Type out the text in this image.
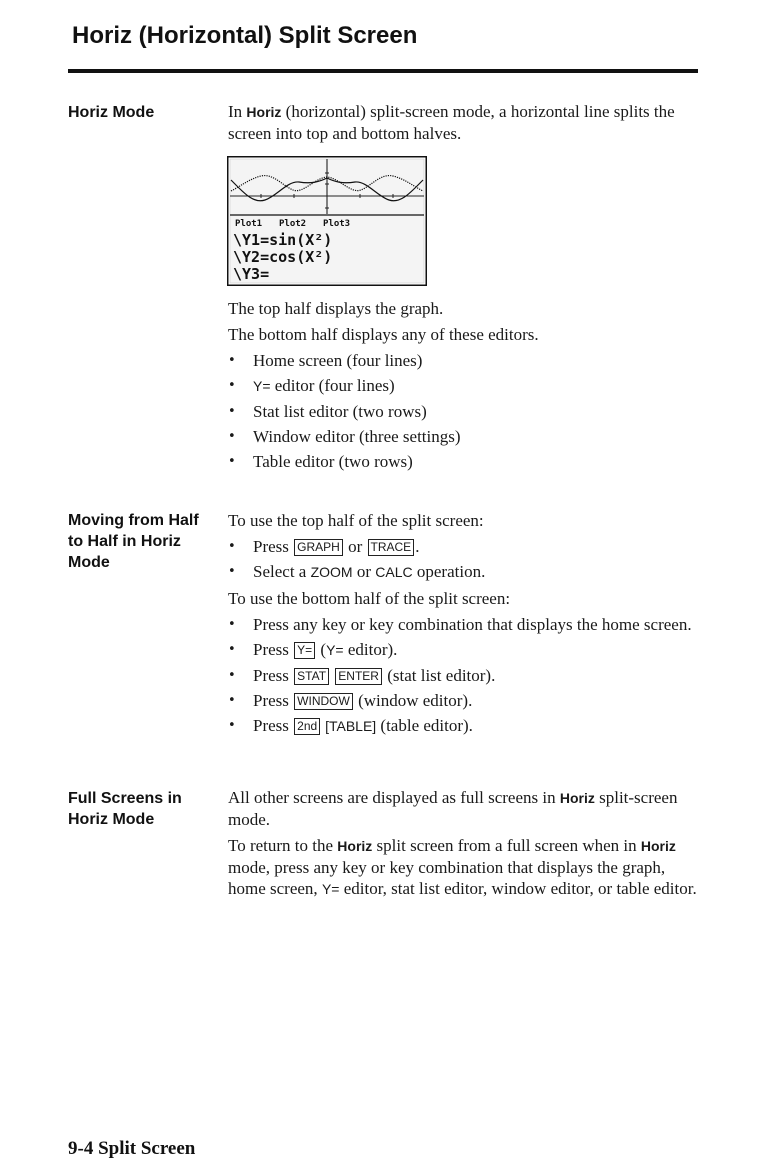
Horiz (Horizontal) Split Screen
Horiz Mode	In Horiz (horizontal) split-screen mode, a horizontal line splits the screen into top and bottom halves.

Plot1 Plot2 Plot3
\Y1=sin(X²)
\Y2=cos(X²)
\Y3=

The top half displays the graph.

The bottom half displays any of these editors.

• Home screen (four lines)
• Y= editor (four lines)
• Stat list editor (two rows)
• Window editor (three settings)
• Table editor (two rows)
Moving from Half
to Half in Horiz
Mode

To use the top half of the split screen:

• Press GRAPH or TRACE .
• Select a ZOOM or CALC operation.

To use the bottom half of the split screen:

• Press any key or key combination that displays the home screen.
• Press Y= (Y= editor).
• Press STAT ENTER (stat list editor).
• Press WINDOW (window editor).
• Press 2nd [TABLE] (table editor).
Full Screens in
Horiz Mode

All other screens are displayed as full screens in Horiz split-screen mode.

To return to the Horiz split screen from a full screen when in Horiz mode, press any key or key combination that displays the graph, home screen, Y= editor, stat list editor, window editor, or table editor.

9-4 Split Screen
